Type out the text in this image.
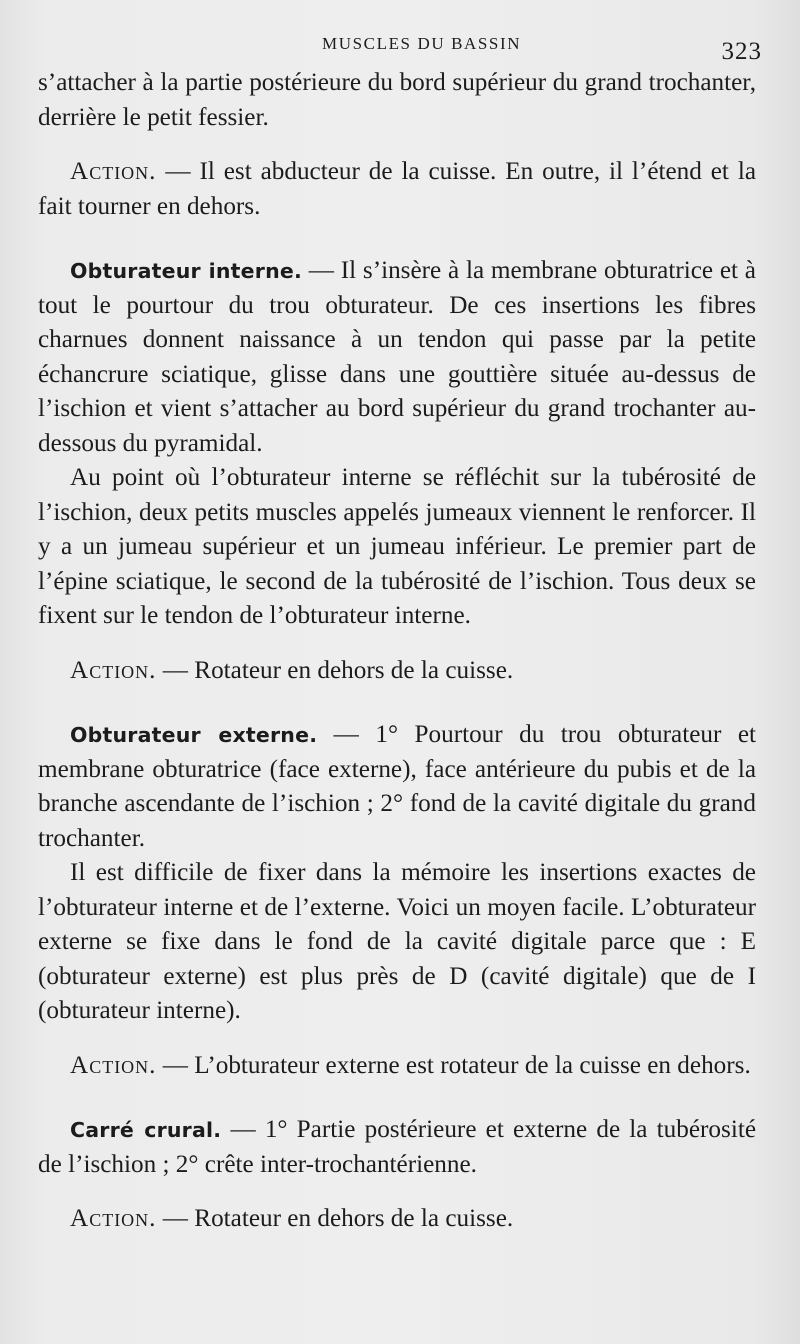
MUSCLES DU BASSIN	323

s’attacher à la partie postérieure du bord supérieur du grand trochanter, derrière le petit fessier.

Action. — Il est abducteur de la cuisse. En outre, il l’étend et la fait tourner en dehors.

Obturateur interne. — Il s’insère à la membrane obturatrice et à tout le pourtour du trou obturateur. De ces insertions les fibres charnues donnent naissance à un tendon qui passe par la petite échancrure sciatique, glisse dans une gouttière située au-dessus de l’ischion et vient s’attacher au bord supérieur du grand trochanter au-dessous du pyramidal.

Au point où l’obturateur interne se réfléchit sur la tubérosité de l’ischion, deux petits muscles appelés jumeaux viennent le renforcer. Il y a un jumeau supérieur et un jumeau inférieur. Le premier part de l’épine sciatique, le second de la tubérosité de l’ischion. Tous deux se fixent sur le tendon de l’obturateur interne.

Action. — Rotateur en dehors de la cuisse.

Obturateur externe. — 1° Pourtour du trou obturateur et membrane obturatrice (face externe), face antérieure du pubis et de la branche ascendante de l’ischion ; 2° fond de la cavité digitale du grand trochanter.

Il est difficile de fixer dans la mémoire les insertions exactes de l’obturateur interne et de l’externe. Voici un moyen facile. L’obturateur externe se fixe dans le fond de la cavité digitale parce que : E (obturateur externe) est plus près de D (cavité digitale) que de I (obturateur interne).

Action. — L’obturateur externe est rotateur de la cuisse en dehors.

Carré crural. — 1° Partie postérieure et externe de la tubérosité de l’ischion ; 2° crête inter-trochantérienne.

Action. — Rotateur en dehors de la cuisse.
